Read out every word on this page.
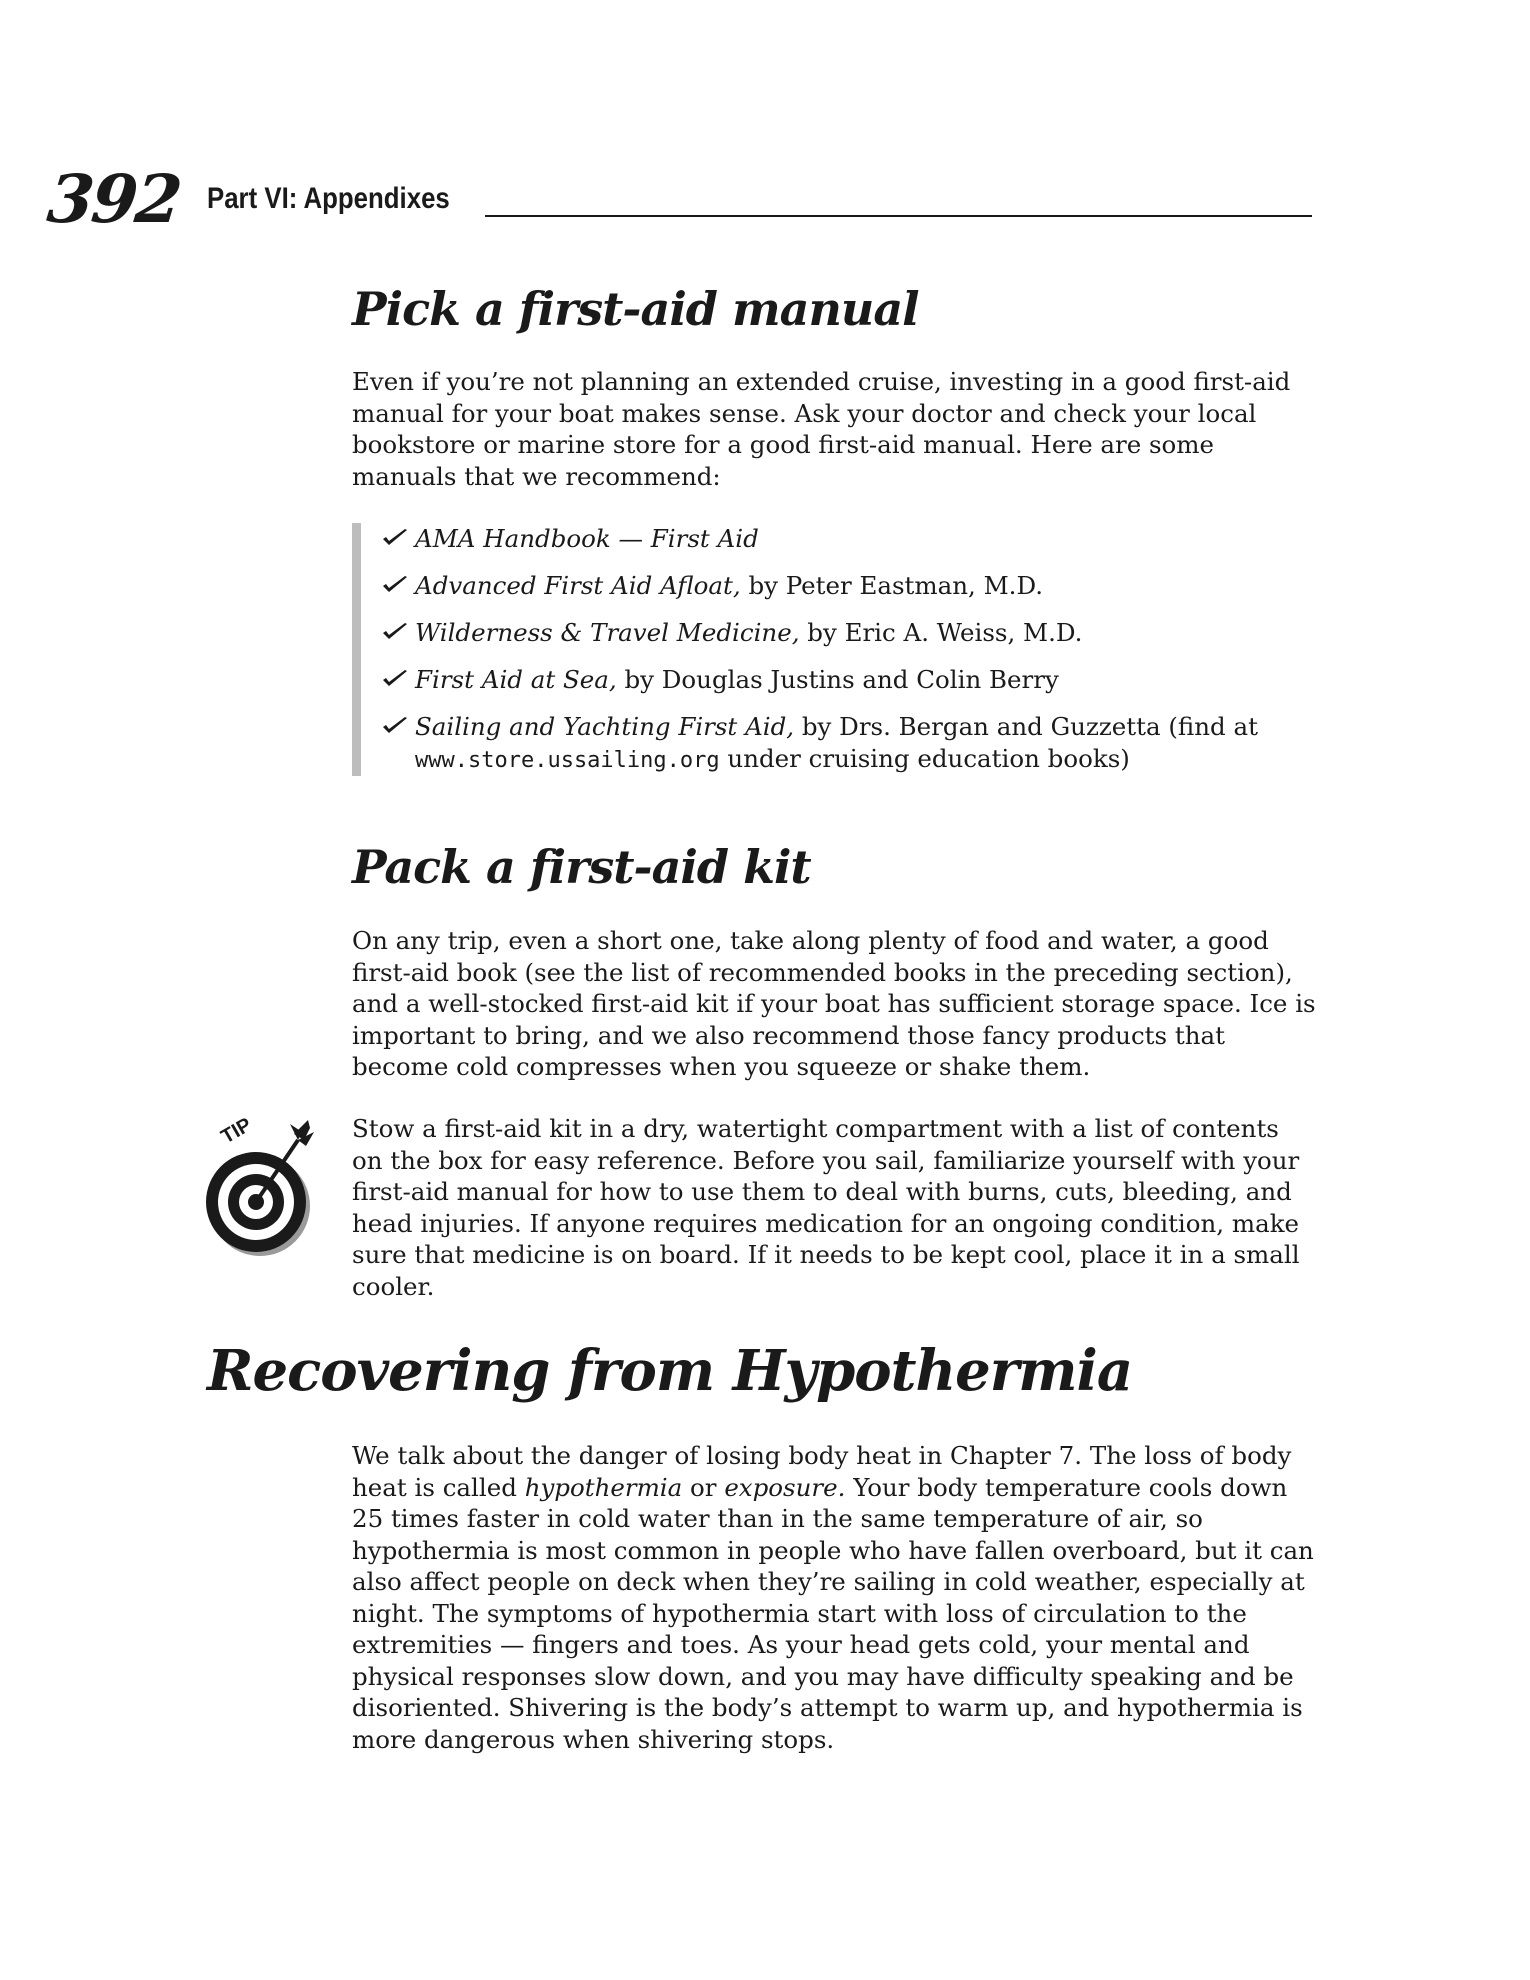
392 Part VI: Appendixes
Pick a first-aid manual

Even if you’re not planning an extended cruise, investing in a good first-aid manual for your boat makes sense. Ask your doctor and check your local bookstore or marine store for a good first-aid manual. Here are some manuals that we recommend:

AMA Handbook — First Aid
Advanced First Aid Afloat, by Peter Eastman, M.D.
Wilderness & Travel Medicine, by Eric A. Weiss, M.D.
First Aid at Sea, by Douglas Justins and Colin Berry
Sailing and Yachting First Aid, by Drs. Bergan and Guzzetta (find at
www.store.ussailing.org under cruising education books)
Pack a first-aid kit

On any trip, even a short one, take along plenty of food and water, a good first-aid book (see the list of recommended books in the preceding section), and a well-stocked first-aid kit if your boat has sufficient storage space. Ice is important to bring, and we also recommend those fancy products that become cold compresses when you squeeze or shake them.

TIP	Stow a first-aid kit in a dry, watertight compartment with a list of contents on the box for easy reference. Before you sail, familiarize yourself with your first-aid manual for how to use them to deal with burns, cuts, bleeding, and head injuries. If anyone requires medication for an ongoing condition, make sure that medicine is on board. If it needs to be kept cool, place it in a small cooler.

Recovering from Hypothermia

We talk about the danger of losing body heat in Chapter 7. The loss of body heat is called hypothermia or exposure. Your body temperature cools down 25 times faster in cold water than in the same temperature of air, so hypothermia is most common in people who have fallen overboard, but it can also affect people on deck when they’re sailing in cold weather, especially at night. The symptoms of hypothermia start with loss of circulation to the extremities — fingers and toes. As your head gets cold, your mental and physical responses slow down, and you may have difficulty speaking and be disoriented. Shivering is the body’s attempt to warm up, and hypothermia is more dangerous when shivering stops.
